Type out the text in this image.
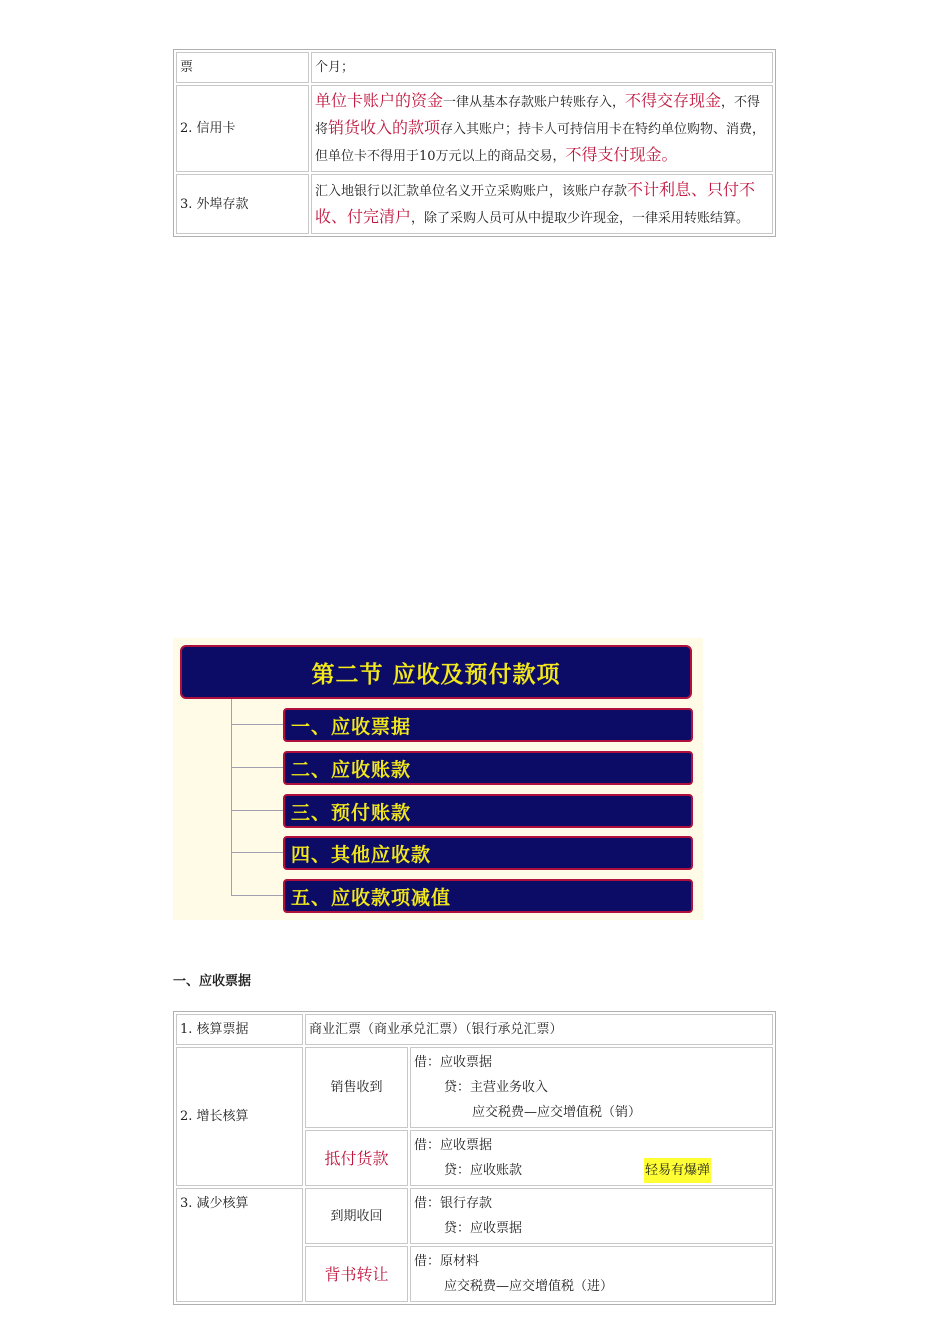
票	个月；
2. 信用卡	单位卡账户的资金一律从基本存款账户转账存入，不得交存现金，不得将销货收入的款项存入其账户；持卡人可持信用卡在特约单位购物、消费，但单位卡不得用于10万元以上的商品交易，不得支付现金。
3. 外埠存款	汇入地银行以汇款单位名义开立采购账户，该账户存款不计利息、只付不收、付完清户，除了采购人员可从中提取少许现金，一律采用转账结算。
第二节 应收及预付款项
一、应收票据
二、应收账款
三、预付账款
四、其他应收款
五、应收款项减值
一、应收票据
1. 核算票据	商业汇票（商业承兑汇票）（银行承兑汇票）	
2. 增长核算	销售收到	借：应收票据
贷：主营业务收入
应交税费—应交增值税（销）

	抵付货款	借：应收票据
贷：应收账款 轻易有爆弹

3. 减少核算	到期收回	借：银行存款
贷：应收票据

	背书转让	借：原材料
应交税费—应交增值税（进）
